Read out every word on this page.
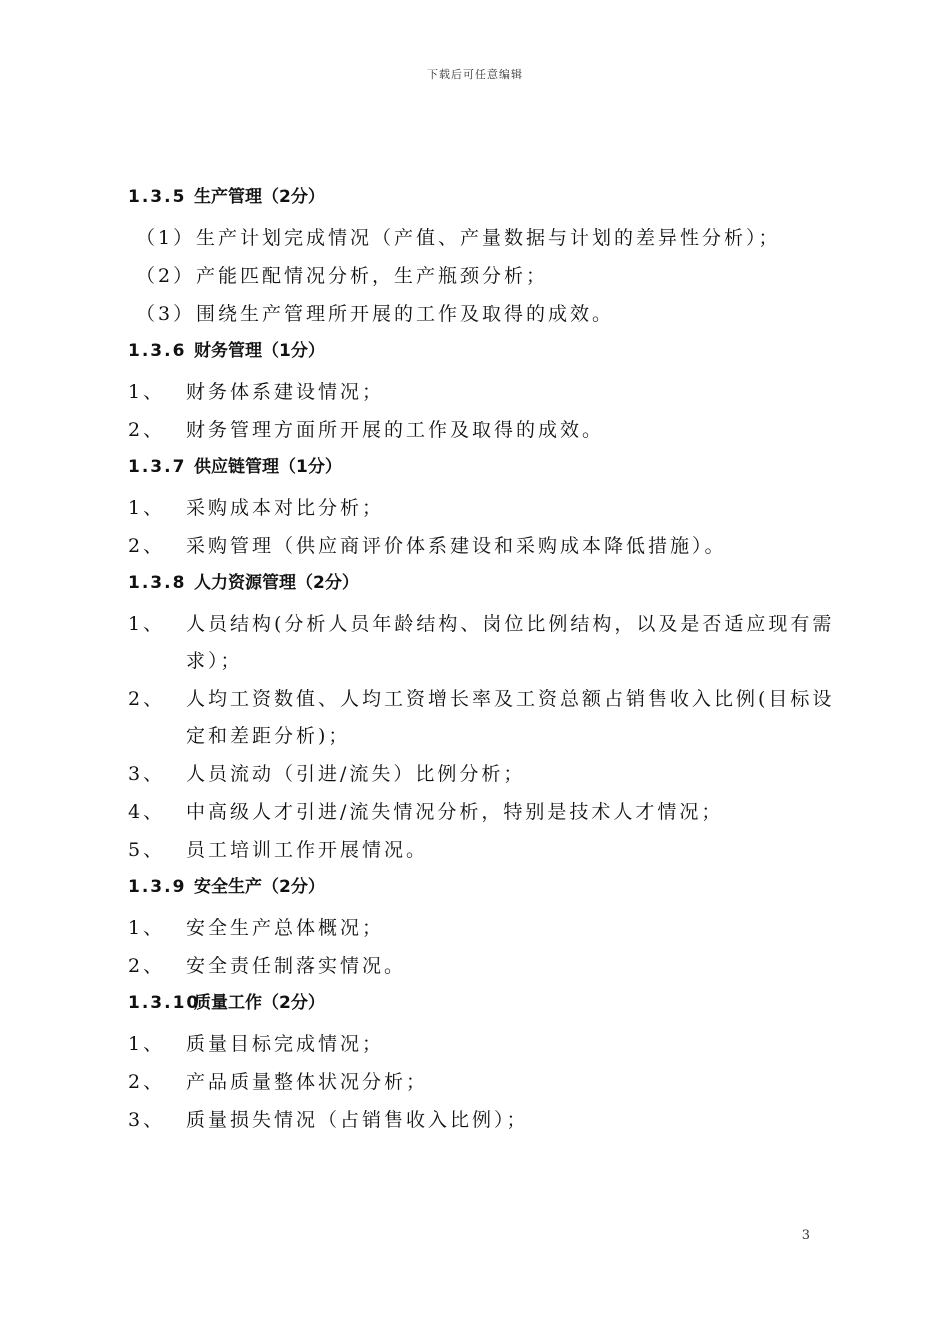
下载后可任意编辑
1.3.5 生产管理（2分）
（1） 生产计划完成情况（产值、产量数据与计划的差异性分析）；
（2） 产能匹配情况分析，生产瓶颈分析；
（3） 围绕生产管理所开展的工作及取得的成效。
1.3.6 财务管理（1分）
1、	财务体系建设情况；
2、	财务管理方面所开展的工作及取得的成效。
1.3.7 供应链管理（1分）
1、	采购成本对比分析；
2、	采购管理（供应商评价体系建设和采购成本降低措施）。
1.3.8 人力资源管理（2分）
1、	人员结构(分析人员年龄结构、岗位比例结构，以及是否适应现有需求）；
2、	人均工资数值、人均工资增长率及工资总额占销售收入比例(目标设定和差距分析)；
3、	人员流动（引进/流失）比例分析；
4、	中高级人才引进/流失情况分析，特别是技术人才情况；
5、	员工培训工作开展情况。
1.3.9 安全生产（2分）
1、	安全生产总体概况；
2、	安全责任制落实情况。
1.3.10质量工作（2分）
1、	质量目标完成情况；
2、	产品质量整体状况分析；
3、	质量损失情况（占销售收入比例）；
3
